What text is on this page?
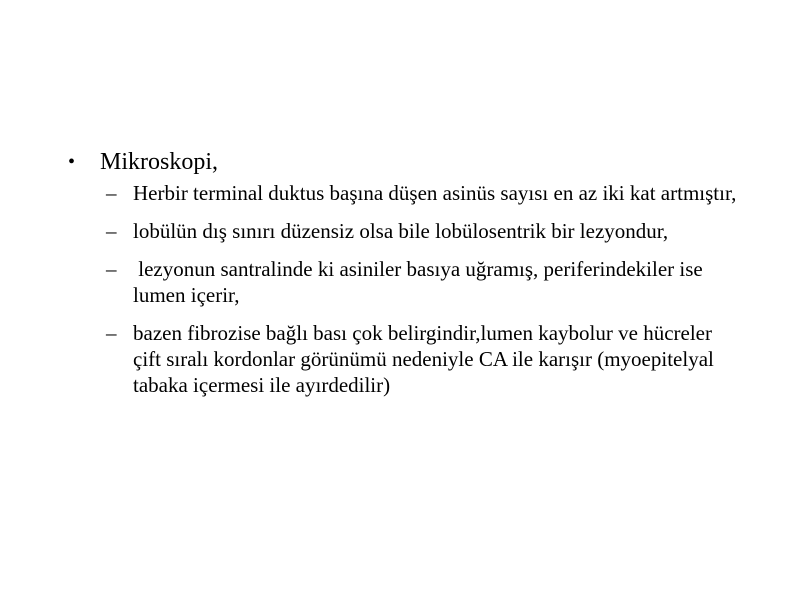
•	Mikroskopi,
– Herbir terminal duktus başına düşen asinüs sayısı en az iki kat artmıştır,
– lobülün dış sınırı düzensiz olsa bile lobülosentrik bir lezyondur,
– lezyonun santralinde ki asiniler basıya uğramış, periferindekiler ise lumen içerir,
– bazen fibrozise bağlı bası çok belirgindir,lumen kaybolur ve hücreler çift sıralı kordonlar görünümü nedeniyle CA ile karışır (myoepitelyal tabaka içermesi ile ayırdedilir)
